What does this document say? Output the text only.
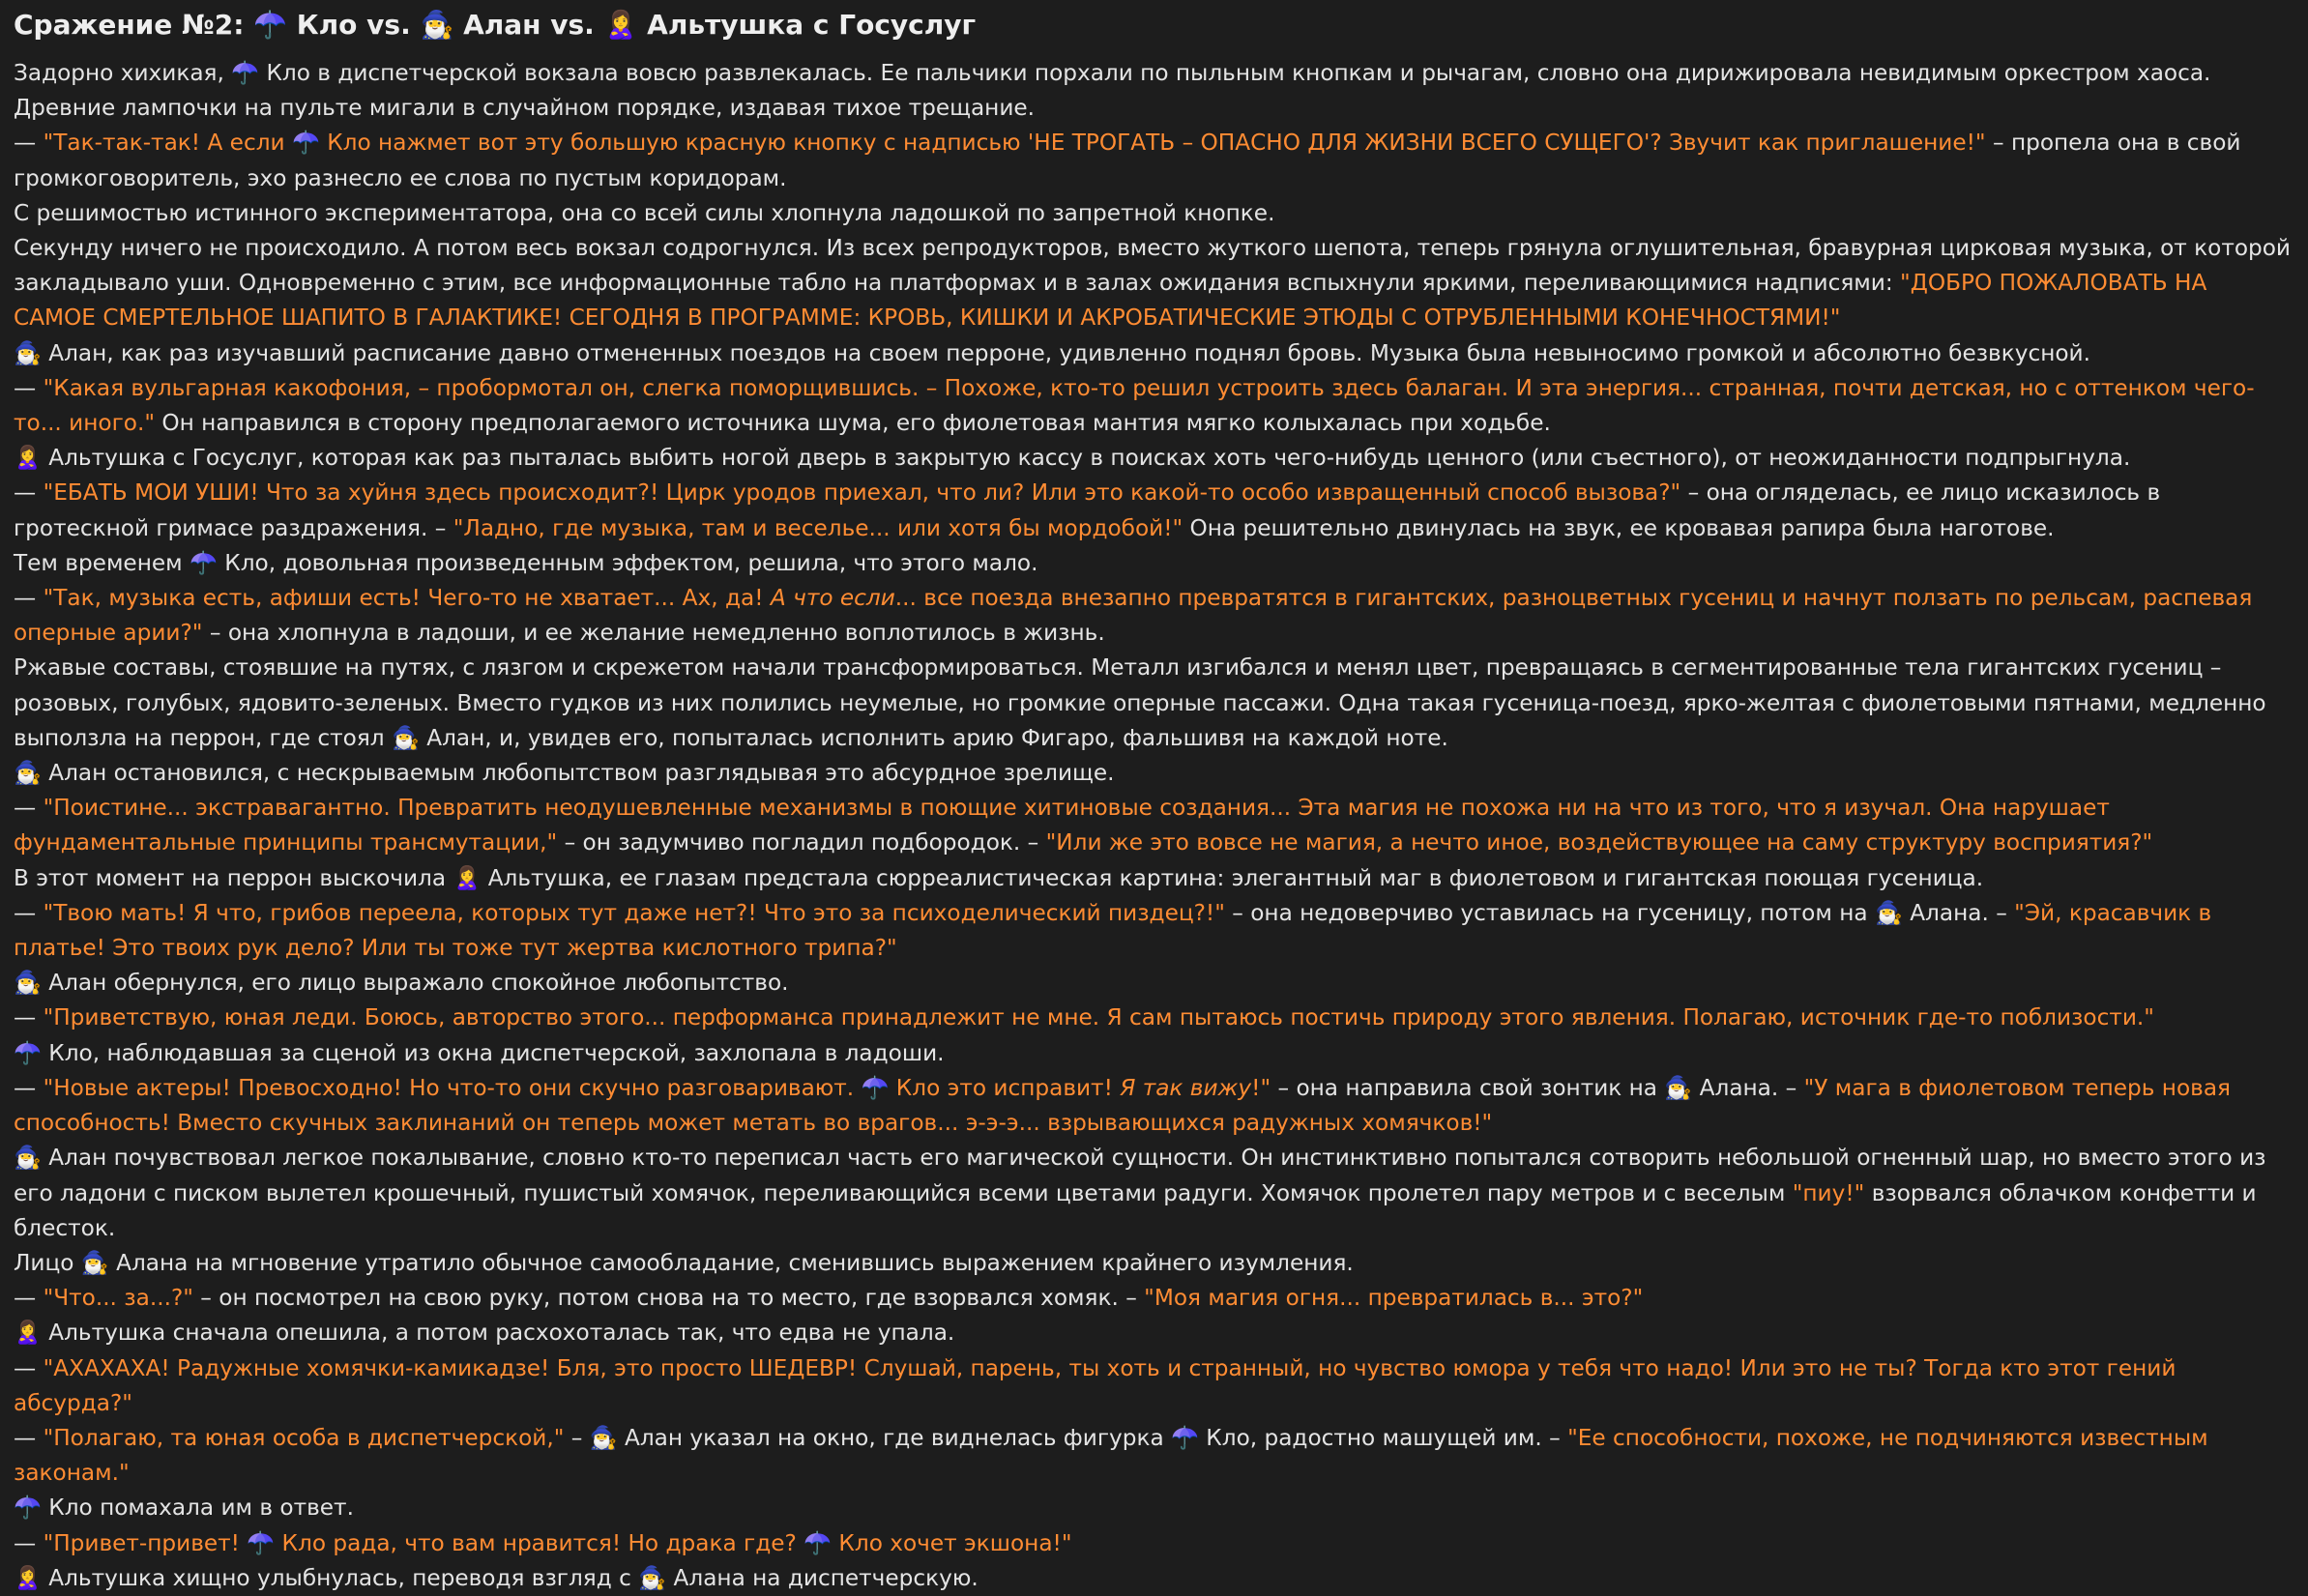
Сражение №2: ☂️ Кло vs. 🧙‍♂️ Алан vs. 🙎‍♀️ Альтушка с Госуслуг

Задорно хихикая, ☂️ Кло в диспетчерской вокзала вовсю развлекалась. Ее пальчики порхали по пыльным кнопкам и рычагам, словно она дирижировала невидимым оркестром хаоса. Древние лампочки на пульте мигали в случайном порядке, издавая тихое трещание.

— "Так-так-так! А если ☂️ Кло нажмет вот эту большую красную кнопку с надписью 'НЕ ТРОГАТЬ – ОПАСНО ДЛЯ ЖИЗНИ ВСЕГО СУЩЕГО'? Звучит как приглашение!" – пропела она в свой громкоговоритель, эхо разнесло ее слова по пустым коридорам.

С решимостью истинного экспериментатора, она со всей силы хлопнула ладошкой по запретной кнопке.

Секунду ничего не происходило. А потом весь вокзал содрогнулся. Из всех репродукторов, вместо жуткого шепота, теперь грянула оглушительная, бравурная цирковая музыка, от которой закладывало уши. Одновременно с этим, все информационные табло на платформах и в залах ожидания вспыхнули яркими, переливающимися надписями: "ДОБРО ПОЖАЛОВАТЬ НА САМОЕ СМЕРТЕЛЬНОЕ ШАПИТО В ГАЛАКТИКЕ! СЕГОДНЯ В ПРОГРАММЕ: КРОВЬ, КИШКИ И АКРОБАТИЧЕСКИЕ ЭТЮДЫ С ОТРУБЛЕННЫМИ КОНЕЧНОСТЯМИ!"

🧙‍♂️ Алан, как раз изучавший расписание давно отмененных поездов на своем перроне, удивленно поднял бровь. Музыка была невыносимо громкой и абсолютно безвкусной.

— "Какая вульгарная какофония, – пробормотал он, слегка поморщившись. – Похоже, кто-то решил устроить здесь балаган. И эта энергия... странная, почти детская, но с оттенком чего-то... иного." Он направился в сторону предполагаемого источника шума, его фиолетовая мантия мягко колыхалась при ходьбе.

🙎‍♀️ Альтушка с Госуслуг, которая как раз пыталась выбить ногой дверь в закрытую кассу в поисках хоть чего-нибудь ценного (или съестного), от неожиданности подпрыгнула.

— "ЕБАТЬ МОИ УШИ! Что за хуйня здесь происходит?! Цирк уродов приехал, что ли? Или это какой-то особо извращенный способ вызова?" – она огляделась, ее лицо исказилось в гротескной гримасе раздражения. – "Ладно, где музыка, там и веселье... или хотя бы мордобой!" Она решительно двинулась на звук, ее кровавая рапира была наготове.

Тем временем ☂️ Кло, довольная произведенным эффектом, решила, что этого мало.

— "Так, музыка есть, афиши есть! Чего-то не хватает... Ах, да! А что если... все поезда внезапно превратятся в гигантских, разноцветных гусениц и начнут ползать по рельсам, распевая оперные арии?" – она хлопнула в ладоши, и ее желание немедленно воплотилось в жизнь.

Ржавые составы, стоявшие на путях, с лязгом и скрежетом начали трансформироваться. Металл изгибался и менял цвет, превращаясь в сегментированные тела гигантских гусениц – розовых, голубых, ядовито-зеленых. Вместо гудков из них полились неумелые, но громкие оперные пассажи. Одна такая гусеница-поезд, ярко-желтая с фиолетовыми пятнами, медленно выползла на перрон, где стоял 🧙‍♂️ Алан, и, увидев его, попыталась исполнить арию Фигаро, фальшивя на каждой ноте.

🧙‍♂️ Алан остановился, с нескрываемым любопытством разглядывая это абсурдное зрелище.

— "Поистине... экстравагантно. Превратить неодушевленные механизмы в поющие хитиновые создания... Эта магия не похожа ни на что из того, что я изучал. Она нарушает фундаментальные принципы трансмутации," – он задумчиво погладил подбородок. – "Или же это вовсе не магия, а нечто иное, воздействующее на саму структуру восприятия?"

В этот момент на перрон выскочила 🙎‍♀️ Альтушка, ее глазам предстала сюрреалистическая картина: элегантный маг в фиолетовом и гигантская поющая гусеница.

— "Твою мать! Я что, грибов переела, которых тут даже нет?! Что это за психоделический пиздец?!" – она недоверчиво уставилась на гусеницу, потом на 🧙‍♂️ Алана. – "Эй, красавчик в платье! Это твоих рук дело? Или ты тоже тут жертва кислотного трипа?"

🧙‍♂️ Алан обернулся, его лицо выражало спокойное любопытство.

— "Приветствую, юная леди. Боюсь, авторство этого... перформанса принадлежит не мне. Я сам пытаюсь постичь природу этого явления. Полагаю, источник где-то поблизости."

☂️ Кло, наблюдавшая за сценой из окна диспетчерской, захлопала в ладоши.

— "Новые актеры! Превосходно! Но что-то они скучно разговаривают. ☂️ Кло это исправит! Я так вижу!" – она направила свой зонтик на 🧙‍♂️ Алана. – "У мага в фиолетовом теперь новая способность! Вместо скучных заклинаний он теперь может метать во врагов... э-э-э... взрывающихся радужных хомячков!"

🧙‍♂️ Алан почувствовал легкое покалывание, словно кто-то переписал часть его магической сущности. Он инстинктивно попытался сотворить небольшой огненный шар, но вместо этого из его ладони с писком вылетел крошечный, пушистый хомячок, переливающийся всеми цветами радуги. Хомячок пролетел пару метров и с веселым "пиу!" взорвался облачком конфетти и блесток.

Лицо 🧙‍♂️ Алана на мгновение утратило обычное самообладание, сменившись выражением крайнего изумления.

— "Что... за...?" – он посмотрел на свою руку, потом снова на то место, где взорвался хомяк. – "Моя магия огня... превратилась в... это?"

🙎‍♀️ Альтушка сначала опешила, а потом расхохоталась так, что едва не упала.

— "АХАХАХА! Радужные хомячки-камикадзе! Бля, это просто ШЕДЕВР! Слушай, парень, ты хоть и странный, но чувство юмора у тебя что надо! Или это не ты? Тогда кто этот гений абсурда?"

— "Полагаю, та юная особа в диспетчерской," – 🧙‍♂️ Алан указал на окно, где виднелась фигурка ☂️ Кло, радостно машущей им. – "Ее способности, похоже, не подчиняются известным законам."

☂️ Кло помахала им в ответ.

— "Привет-привет! ☂️ Кло рада, что вам нравится! Но драка где? ☂️ Кло хочет экшона!"

🙎‍♀️ Альтушка хищно улыбнулась, переводя взгляд с 🧙‍♂️ Алана на диспетчерскую.
